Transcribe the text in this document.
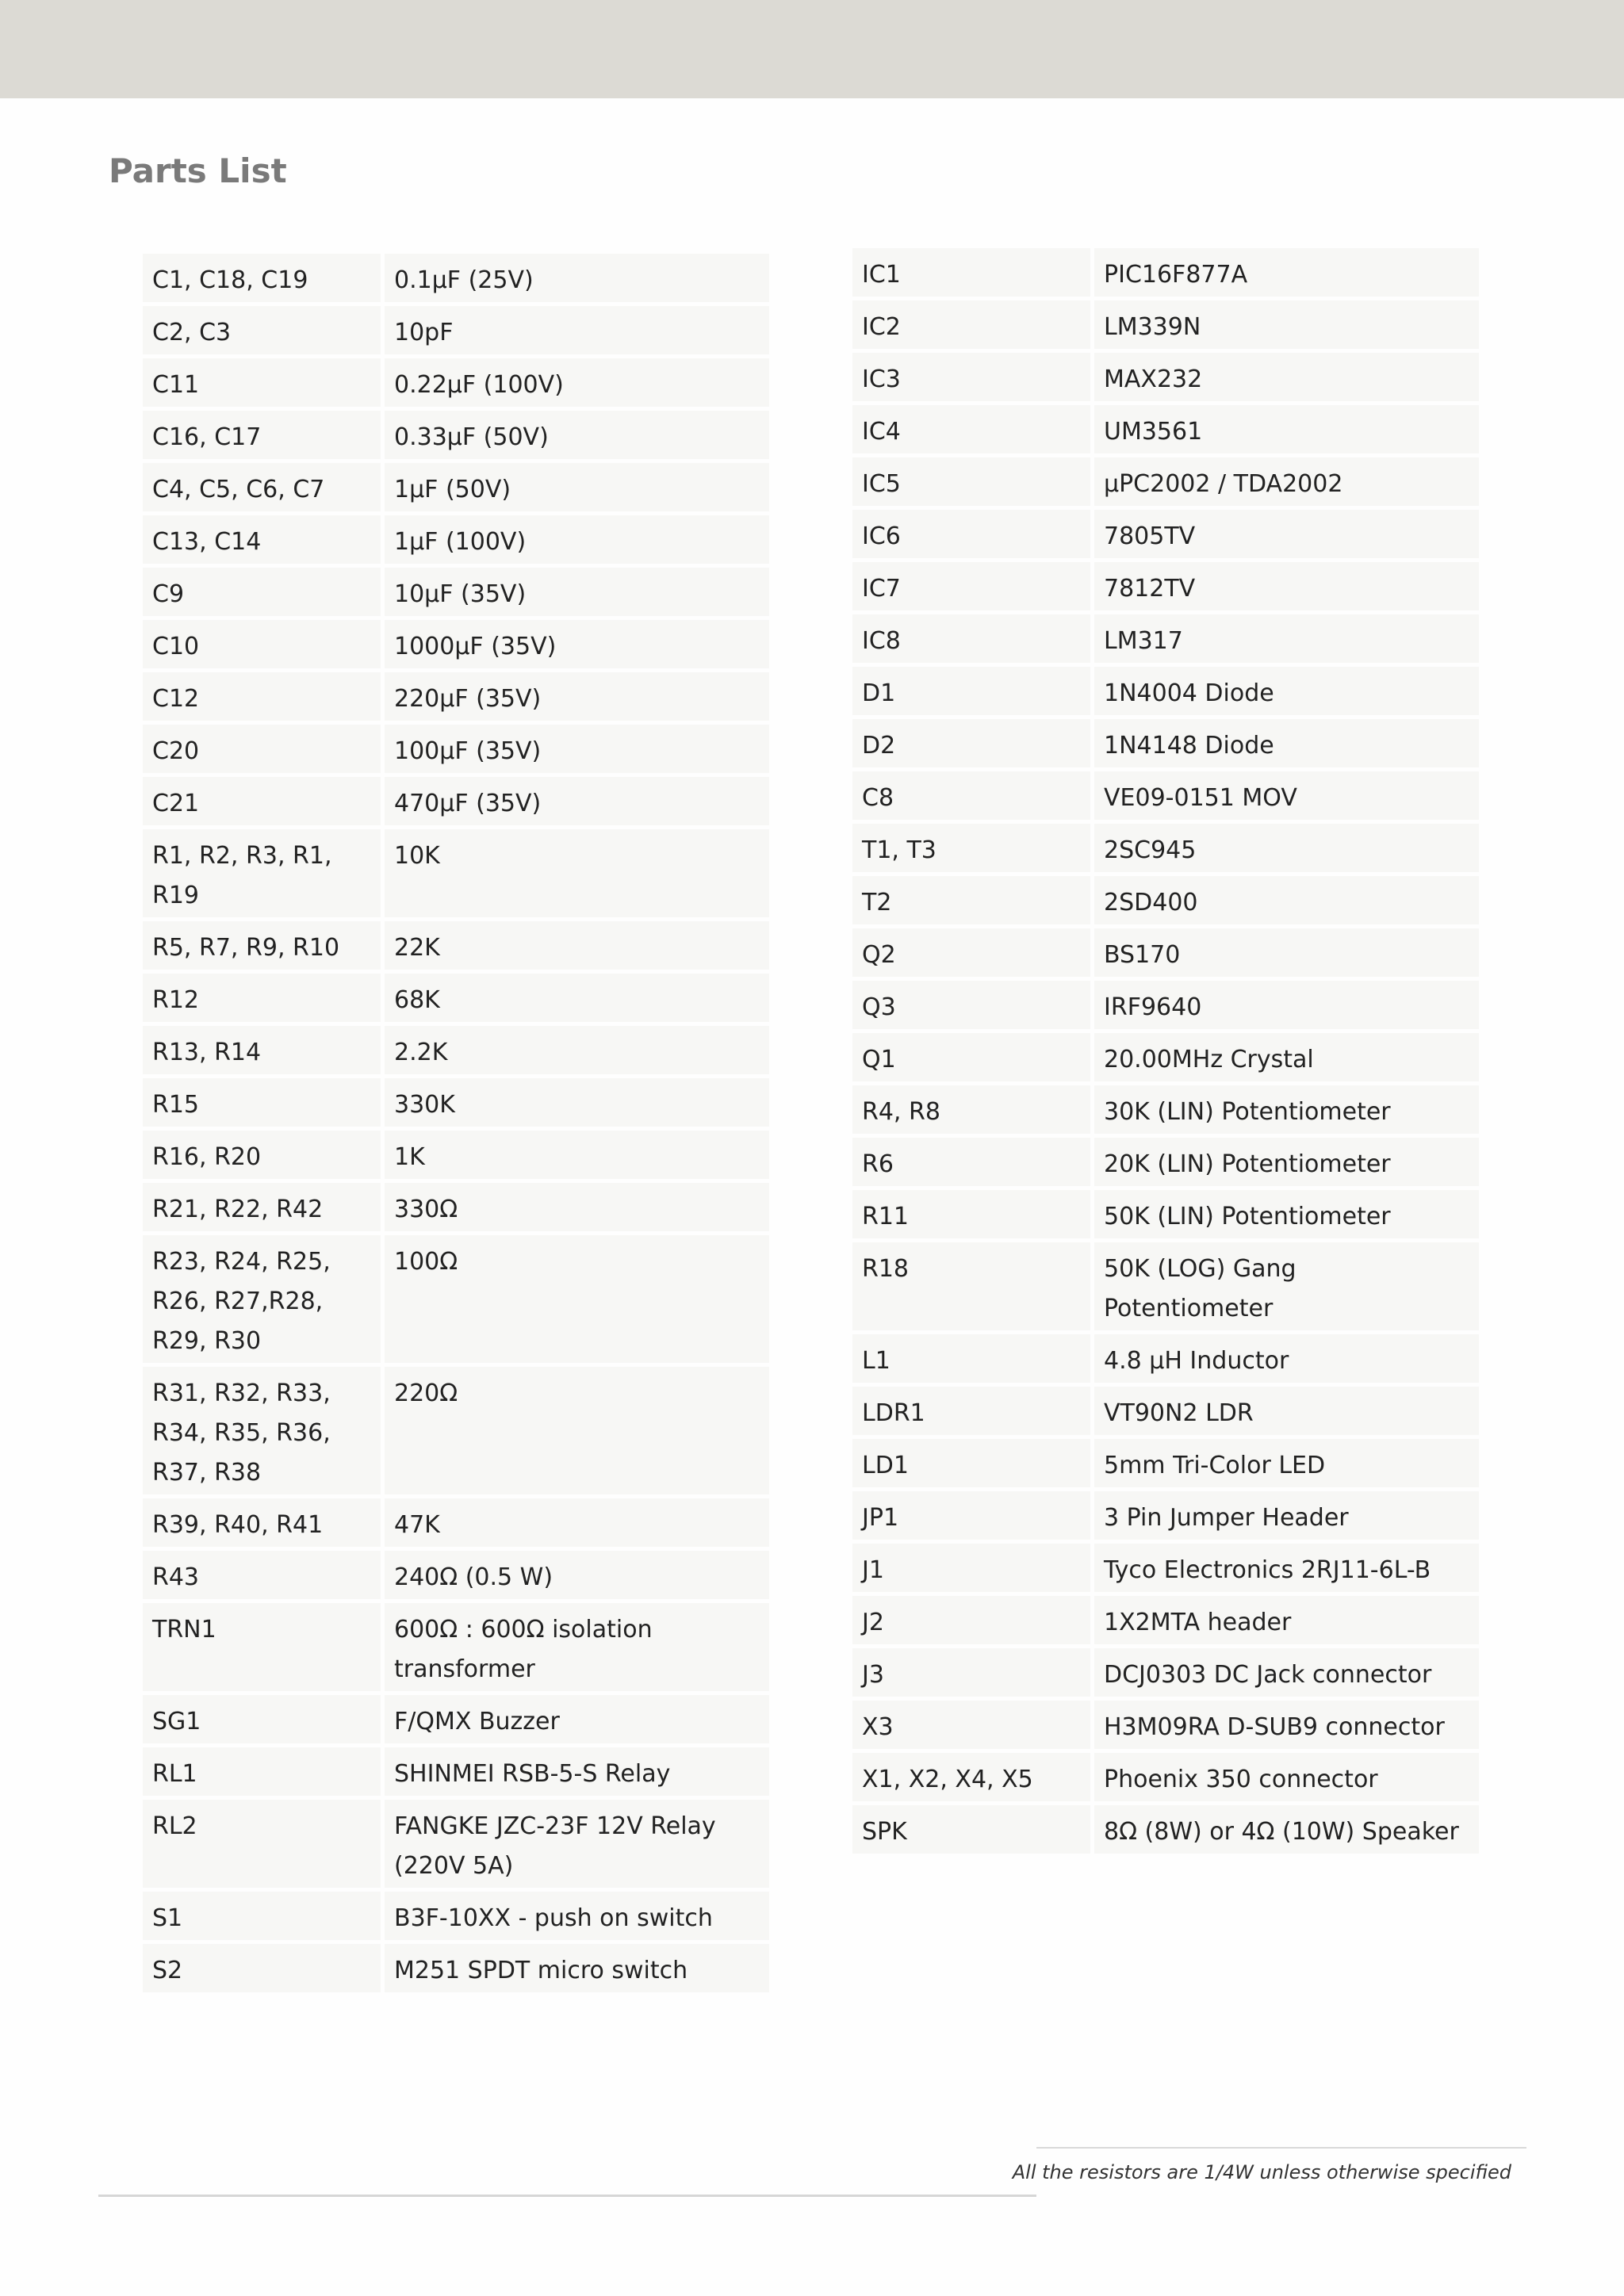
Parts List
C1, C18, C19	0.1µF (25V)
C2, C3	10pF
C11	0.22µF (100V)
C16, C17	0.33µF (50V)
C4, C5, C6, C7	1µF (50V)
C13, C14	1µF (100V)
C9	10µF (35V)
C10	1000µF (35V)
C12	220µF (35V)
C20	100µF (35V)
C21	470µF (35V)
R1, R2, R3, R1, R19	10K
R5, R7, R9, R10	22K
R12	68K
R13, R14	2.2K
R15	330K
R16, R20	1K
R21, R22, R42	330Ω
R23, R24, R25, R26, R27,R28, R29, R30	100Ω
R31, R32, R33, R34, R35, R36, R37, R38	220Ω
R39, R40, R41	47K
R43	240Ω (0.5 W)
TRN1	600Ω : 600Ω isolation transformer
SG1	F/QMX Buzzer
RL1	SHINMEI RSB-5-S Relay
RL2	FANGKE JZC-23F 12V Relay (220V 5A)
S1	B3F-10XX - push on switch
S2	M251 SPDT micro switch
IC1	PIC16F877A
IC2	LM339N
IC3	MAX232
IC4	UM3561
IC5	µPC2002 / TDA2002
IC6	7805TV
IC7	7812TV
IC8	LM317
D1	1N4004 Diode
D2	1N4148 Diode
C8	VE09-0151 MOV
T1, T3	2SC945
T2	2SD400
Q2	BS170
Q3	IRF9640
Q1	20.00MHz Crystal
R4, R8	30K (LIN) Potentiometer
R6	20K (LIN) Potentiometer
R11	50K (LIN) Potentiometer
R18	50K (LOG) Gang Potentiometer
L1	4.8 µH Inductor
LDR1	VT90N2 LDR
LD1	5mm Tri-Color LED
JP1	3 Pin Jumper Header
J1	Tyco Electronics 2RJ11-6L-B
J2	1X2MTA header
J3	DCJ0303 DC Jack connector
X3	H3M09RA D-SUB9 connector
X1, X2, X4, X5	Phoenix 350 connector
SPK	8Ω (8W) or 4Ω (10W) Speaker
All the resistors are 1/4W unless otherwise specified
